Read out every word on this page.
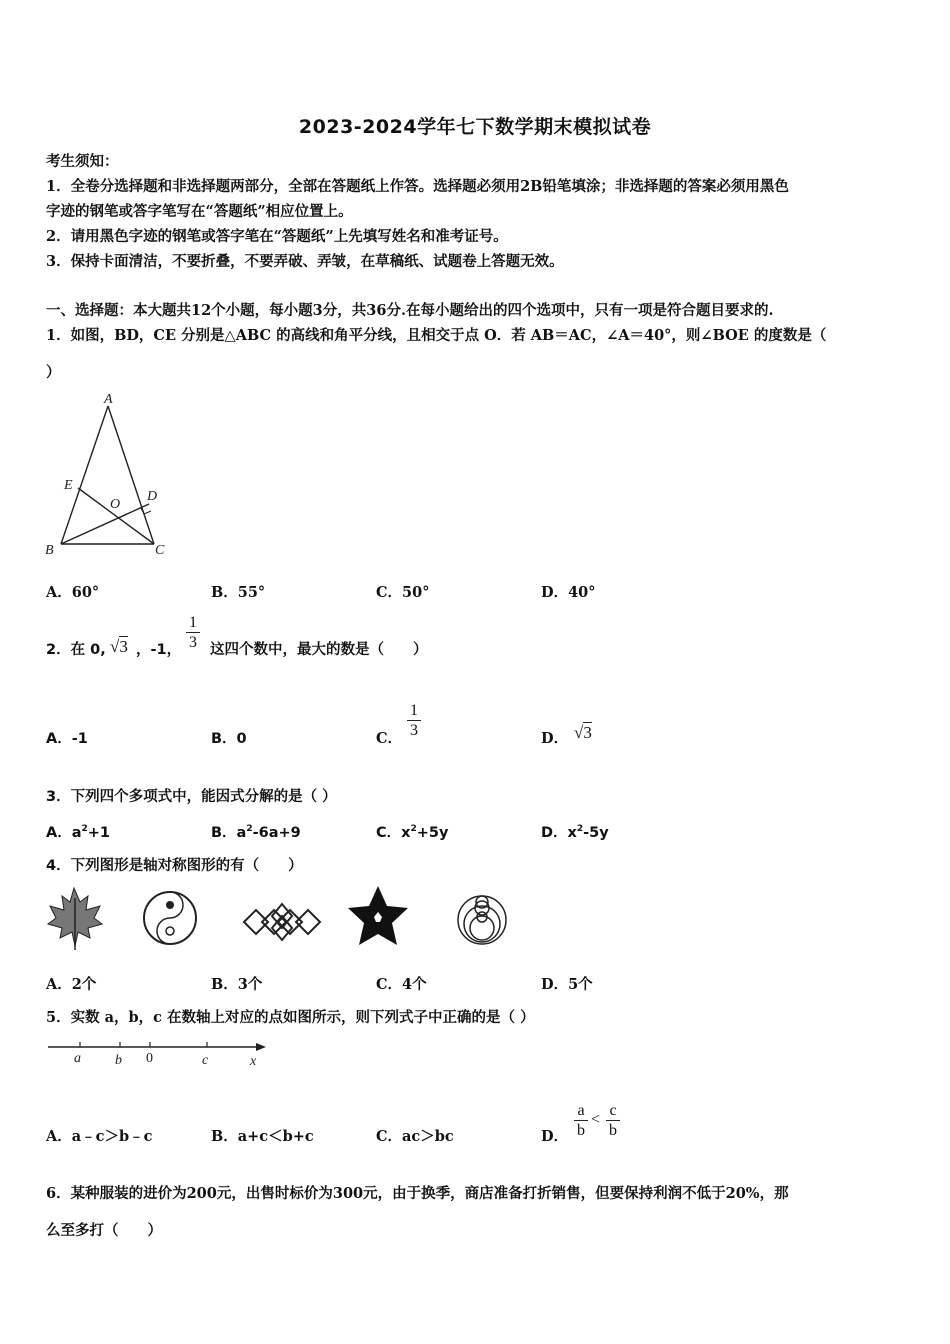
2023-2024学年七下数学期末模拟试卷
考生须知：
1．全卷分选择题和非选择题两部分，全部在答题纸上作答。选择题必须用2B铅笔填涂；非选择题的答案必须用黑色
字迹的钢笔或答字笔写在“答题纸”相应位置上。
2．请用黑色字迹的钢笔或答字笔在“答题纸”上先填写姓名和准考证号。
3．保持卡面清洁，不要折叠，不要弄破、弄皱，在草稿纸、试题卷上答题无效。
一、选择题：本大题共12个小题，每小题3分，共36分.在每小题给出的四个选项中，只有一项是符合题目要求的.
1．如图，BD，CE 分别是△ABC 的高线和角平分线，且相交于点 O．若 AB＝AC，∠A＝40°，则∠BOE 的度数是（
）
A
E
O
D
B	C
A．60°	B．55°	C．50°	D．40°
2．在 0, √3 ，-1，
1
3 这四个数中，最大的数是（　　）
A．-1	B．0	C．
1
3	D． √3
3．下列四个多项式中，能因式分解的是（ ）
A．$a^2+1$	B．$a^2-6a+9$	C．$x^2+5y$	D．$x^2-5y$
4．下列图形是轴对称图形的有（　　）
A．2个	B．3个	C．4个	D．5个
5．实数 a，b，c 在数轴上对应的点如图所示，则下列式子中正确的是（ ）
a b 0	c	x
A．a﹣c＞b﹣c	B．a+c＜b+c	C．ac＞bc	D．
a
b
<
c
b
6．某种服装的进价为200元，出售时标价为300元，由于换季，商店准备打折销售，但要保持利润不低于20%，那
么至多打（　　）
